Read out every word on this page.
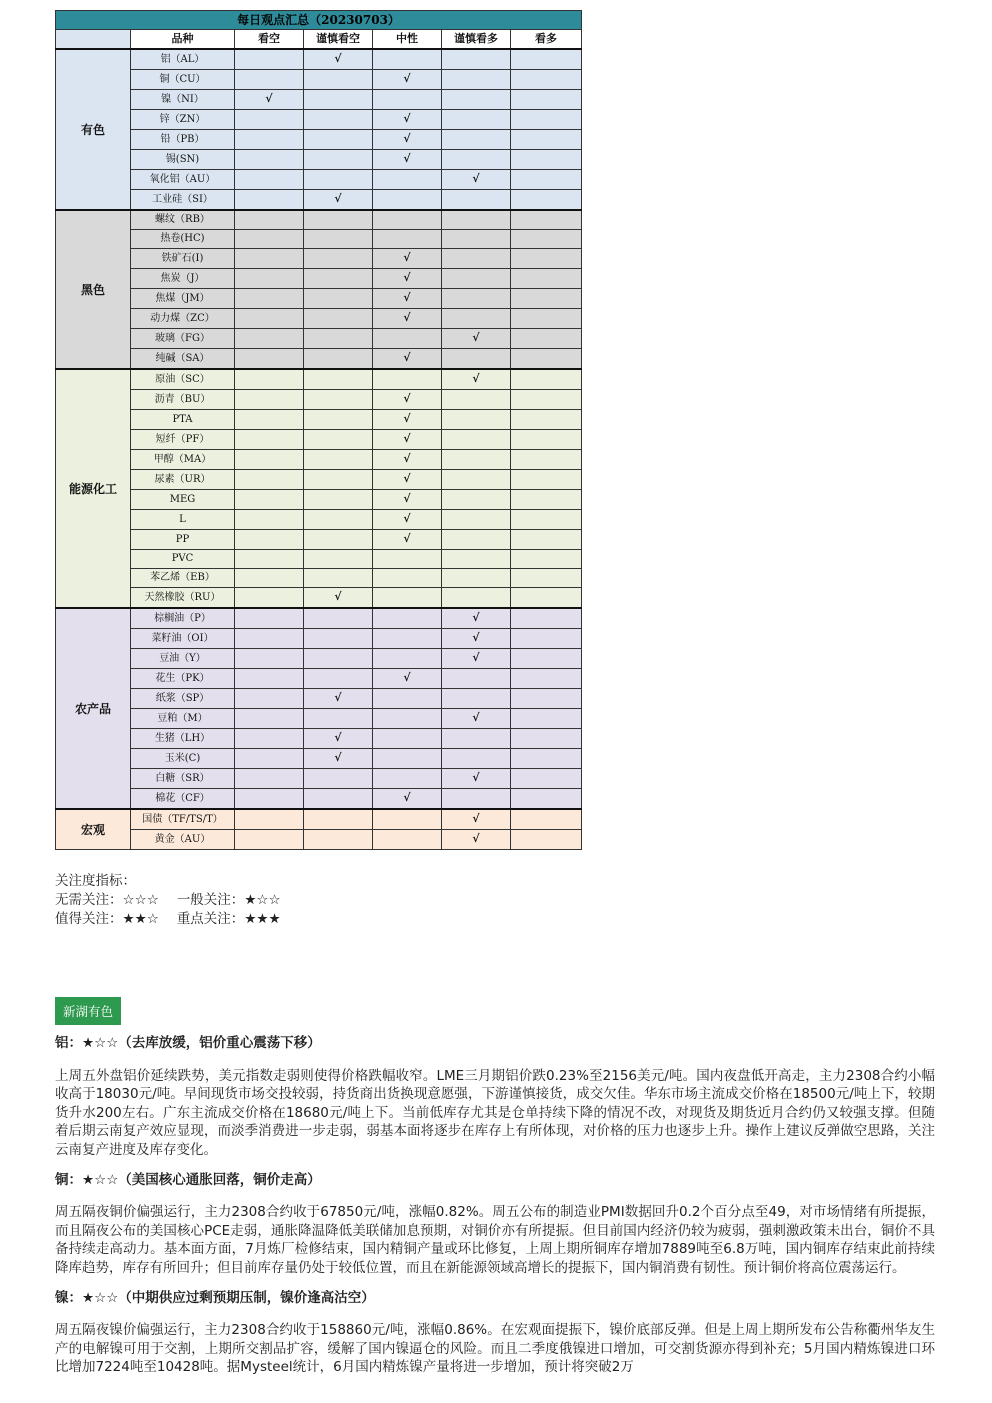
每日观点汇总（20230703）						
	品种	看空	谨慎看空	中性	谨慎看多	看多
有色	铝（AL）		√			
	铜（CU）			√		
	镍（NI）	√				
	锌（ZN）			√		
	铅（PB）			√		
	锡(SN)			√		
	氧化铝（AU）				√	
	工业硅（SI）		√			
黑色	螺纹（RB）					
	热卷(HC)					
	铁矿石(I)			√		
	焦炭（J）			√		
	焦煤（JM）			√		
	动力煤（ZC）			√		
	玻璃（FG）				√	
	纯碱（SA）			√		
能源化工	原油（SC）				√	
	沥青（BU）			√		
	PTA			√		
	短纤（PF）			√		
	甲醇（MA）			√		
	尿素（UR）			√		
	MEG			√		
	L			√		
	PP			√		
	PVC					
	苯乙烯（EB）					
	天然橡胶（RU）		√			
农产品	棕榈油（P）				√	
	菜籽油（OI）				√	
	豆油（Y）				√	
	花生（PK）			√		
	纸浆（SP）		√			
	豆粕（M）				√	
	生猪（LH）		√			
	玉米(C)		√			
	白糖（SR）				√	
	棉花（CF）			√		
宏观	国债（TF/TS/T）				√	
	黄金（AU）				√	
关注度指标：
无需关注：☆☆☆ 一般关注：★☆☆
值得关注：★★☆ 重点关注：★★★
新湖有色
铝：★☆☆（去库放缓，铝价重心震荡下移）

上周五外盘铝价延续跌势，美元指数走弱则使得价格跌幅收窄。LME三月期铝价跌0.23%至2156美元/吨。国内夜盘低开高走，主力2308合约小幅收高于18030元/吨。早间现货市场交投较弱，持货商出货换现意愿强，下游谨慎接货，成交欠佳。华东市场主流成交价格在18500元/吨上下，较期货升水200左右。广东主流成交价格在18680元/吨上下。当前低库存尤其是仓单持续下降的情况不改，对现货及期货近月合约仍又较强支撑。但随着后期云南复产效应显现，而淡季消费进一步走弱，弱基本面将逐步在库存上有所体现，对价格的压力也逐步上升。操作上建议反弹做空思路，关注云南复产进度及库存变化。

铜：★☆☆（美国核心通胀回落，铜价走高）

周五隔夜铜价偏强运行，主力2308合约收于67850元/吨，涨幅0.82%。周五公布的制造业PMI数据回升0.2个百分点至49，对市场情绪有所提振，而且隔夜公布的美国核心PCE走弱，通胀降温降低美联储加息预期，对铜价亦有所提振。但目前国内经济仍较为疲弱，强刺激政策未出台，铜价不具备持续走高动力。基本面方面，7月炼厂检修结束，国内精铜产量或环比修复，上周上期所铜库存增加7889吨至6.8万吨，国内铜库存结束此前持续降库趋势，库存有所回升；但目前库存量仍处于较低位置，而且在新能源领域高增长的提振下，国内铜消费有韧性。预计铜价将高位震荡运行。

镍：★☆☆（中期供应过剩预期压制，镍价逢高沽空）

周五隔夜镍价偏强运行，主力2308合约收于158860元/吨，涨幅0.86%。在宏观面提振下，镍价底部反弹。但是上周上期所发布公告称衢州华友生产的电解镍可用于交割，上期所交割品扩容，缓解了国内镍逼仓的风险。而且二季度俄镍进口增加，可交割货源亦得到补充；5月国内精炼镍进口环比增加7224吨至10428吨。据Mysteel统计，6月国内精炼镍产量将进一步增加，预计将突破2万
